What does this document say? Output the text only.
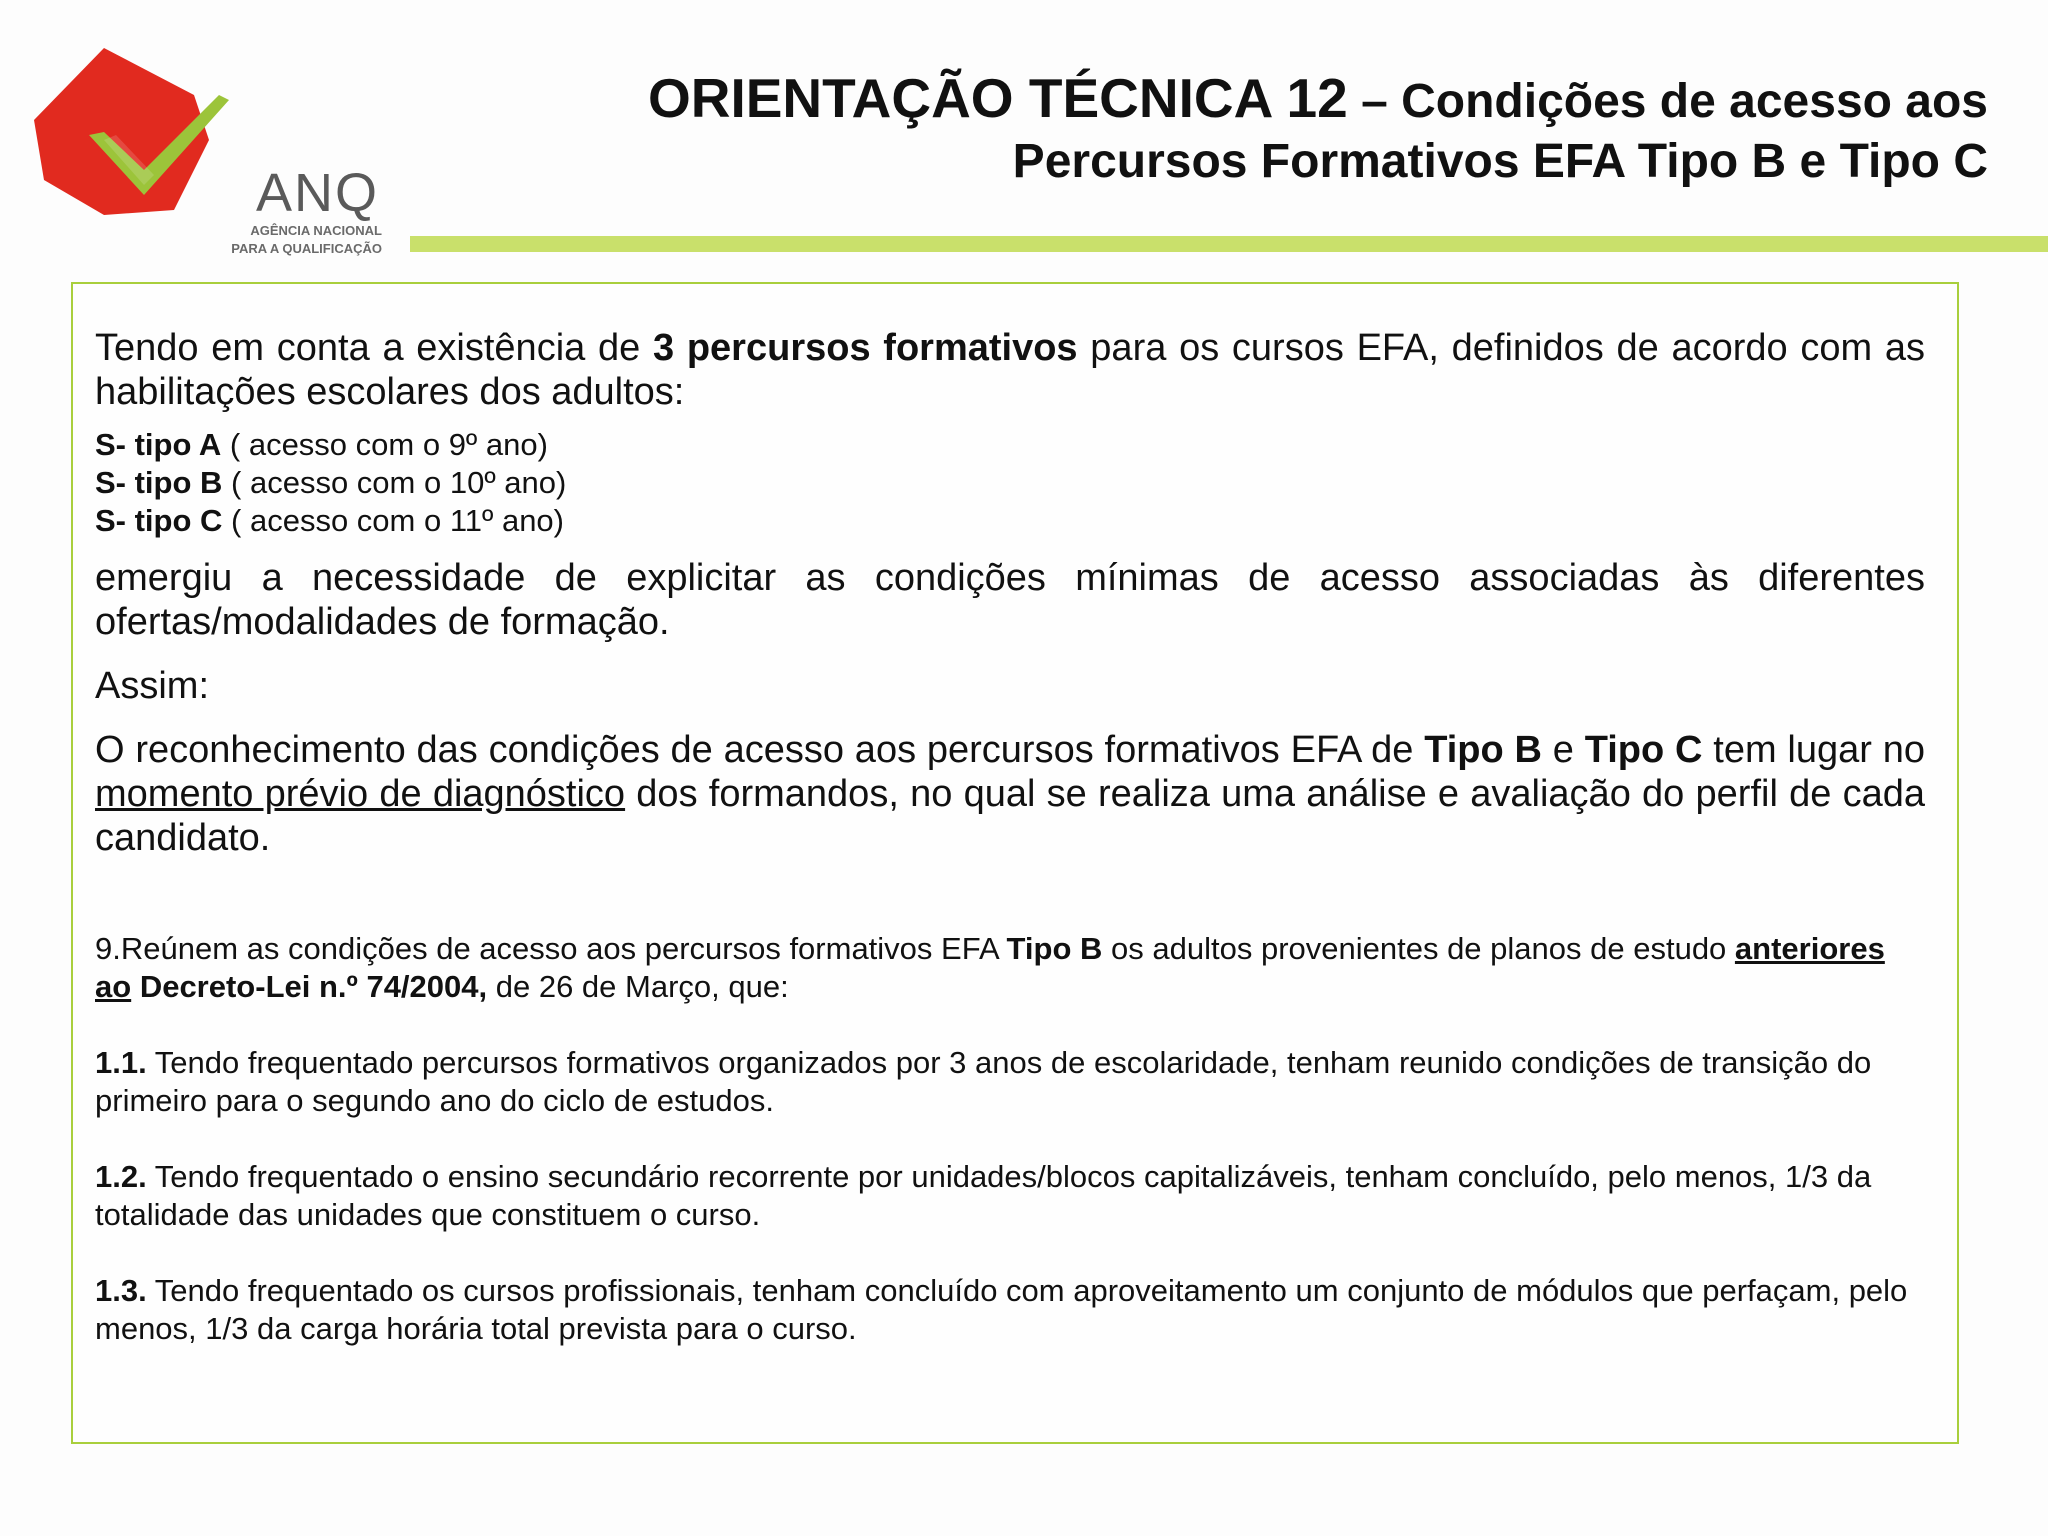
ANQ
AGÊNCIA NACIONAL
PARA A QUALIFICAÇÃO
ORIENTAÇÃO TÉCNICA 12 – Condições de acesso aos
Percursos Formativos EFA Tipo B e Tipo C

Tendo em conta a existência de 3 percursos formativos para os cursos EFA, definidos de acordo com as habilitações escolares dos adultos:

S- tipo A ( acesso com o 9º ano)

S- tipo B ( acesso com o 10º ano)

S- tipo C ( acesso com o 11º ano)

emergiu a necessidade de explicitar as condições mínimas de acesso associadas às diferentes ofertas/modalidades de formação.

Assim:

O reconhecimento das condições de acesso aos percursos formativos EFA de Tipo B e Tipo C tem lugar no momento prévio de diagnóstico dos formandos, no qual se realiza uma análise e avaliação do perfil de cada candidato.

9.Reúnem as condições de acesso aos percursos formativos EFA Tipo B os adultos provenientes de planos de estudo anteriores ao Decreto-Lei n.º 74/2004, de 26 de Março, que:

1.1. Tendo frequentado percursos formativos organizados por 3 anos de escolaridade, tenham reunido condições de transição do primeiro para o segundo ano do ciclo de estudos.

1.2. Tendo frequentado o ensino secundário recorrente por unidades/blocos capitalizáveis, tenham concluído, pelo menos, 1/3 da totalidade das unidades que constituem o curso.

1.3. Tendo frequentado os cursos profissionais, tenham concluído com aproveitamento um conjunto de módulos que perfaçam, pelo menos, 1/3 da carga horária total prevista para o curso.
